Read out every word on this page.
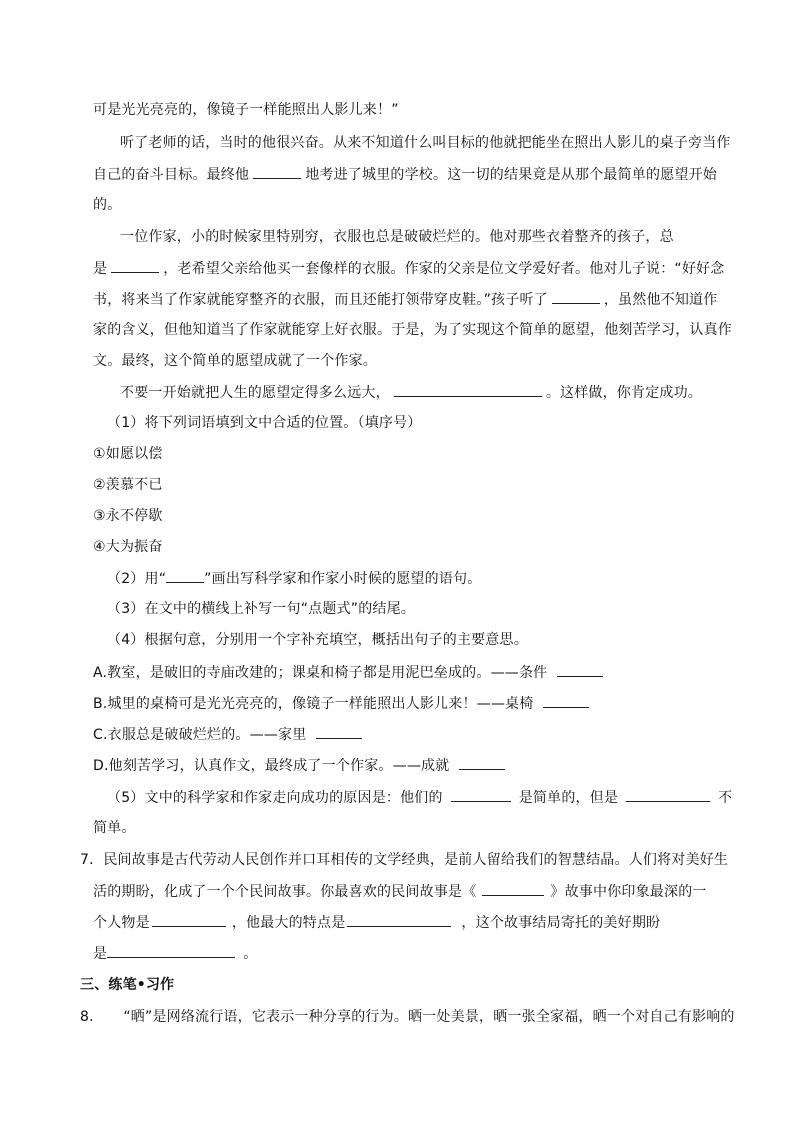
可是光光亮亮的，像镜子一样能照出人影儿来！”
听了老师的话，当时的他很兴奋。从来不知道什么叫目标的他就把能坐在照出人影儿的桌子旁当作
自己的奋斗目标。最终他	地考进了城里的学校。这一切的结果竟是从那个最简单的愿望开始
的。
一位作家，小的时候家里特别穷，衣服也总是破破烂烂的。他对那些衣着整齐的孩子，总
是	，老希望父亲给他买一套像样的衣服。作家的父亲是位文学爱好者。他对儿子说：“好好念
书，将来当了作家就能穿整齐的衣服，而且还能打领带穿皮鞋。”孩子听了	，虽然他不知道作
家的含义，但他知道当了作家就能穿上好衣服。于是，为了实现这个简单的愿望，他刻苦学习，认真作
文。最终，这个简单的愿望成就了一个作家。
不要一开始就把人生的愿望定得多么远大，	。这样做，你肯定成功。
（1）将下列词语填到文中合适的位置。（填序号）
①如愿以偿
②羡慕不已
③永不停歇
④大为振奋
（2）用“	”画出写科学家和作家小时候的愿望的语句。
（3）在文中的横线上补写一句“点题式”的结尾。
（4）根据句意，分别用一个字补充填空，概括出句子的主要意思。
A.教室，是破旧的寺庙改建的；课桌和椅子都是用泥巴垒成的。——条件
B.城里的桌椅可是光光亮亮的，像镜子一样能照出人影儿来！——桌椅
C.衣服总是破破烂烂的。——家里
D.他刻苦学习，认真作文，最终成了一个作家。——成就
（5）文中的科学家和作家走向成功的原因是：他们的	是简单的，但是	不
简单。
7．民间故事是古代劳动人民创作并口耳相传的文学经典，是前人留给我们的智慧结晶。人们将对美好生
活的期盼，化成了一个个民间故事。你最喜欢的民间故事是《	》故事中你印象最深的一
个人物是	，他最大的特点是	，这个故事结局寄托的美好期盼
是	。
三、练笔•习作
8． “晒”是网络流行语，它表示一种分享的行为。晒一处美景，晒一张全家福，晒一个对自己有影响的
